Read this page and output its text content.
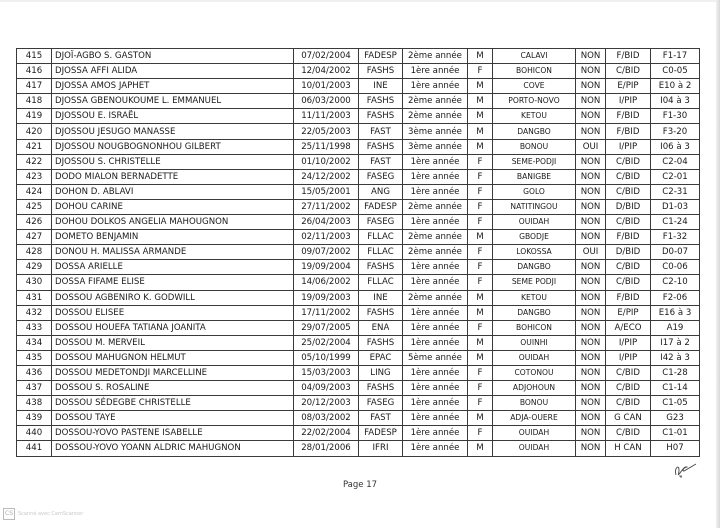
415	DJOÏ-AGBO S. GASTON	07/02/2004	FADESP	2ème année	M	CALAVI	NON	F/BID	F1-17
416	DJOSSA AFFI ALIDA	12/04/2002	FASHS	1ère année	F	BOHICON	NON	C/BID	C0-05
417	DJOSSA AMOS JAPHET	10/01/2003	INE	1ère année	M	COVE	NON	E/PIP	E10 à 2
418	DJOSSA GBENOUKOUME L. EMMANUEL	06/03/2000	FASHS	2ème année	M	PORTO-NOVO	NON	I/PIP	I04 à 3
419	DJOSSOU E. ISRAËL	11/11/2003	FASHS	2ème année	M	KETOU	NON	F/BID	F1-30
420	DJOSSOU JESUGO MANASSE	22/05/2003	FAST	3ème année	M	DANGBO	NON	F/BID	F3-20
421	DJOSSOU NOUGBOGNONHOU GILBERT	25/11/1998	FASHS	3ème année	M	BONOU	OUI	I/PIP	I06 à 3
422	DJOSSOU S. CHRISTELLE	01/10/2002	FAST	1ère année	F	SEME-PODJI	NON	C/BID	C2-04
423	DODO MIALON BERNADETTE	24/12/2002	FASEG	1ère année	F	BANIGBE	NON	C/BID	C2-01
424	DOHON D. ABLAVI	15/05/2001	ANG	1ère année	F	GOLO	NON	C/BID	C2-31
425	DOHOU CARINE	27/11/2002	FADESP	2ème année	F	NATITINGOU	NON	D/BID	D1-03
426	DOHOU DOLKOS ANGELIA MAHOUGNON	26/04/2003	FASEG	1ère année	F	OUIDAH	NON	C/BID	C1-24
427	DOMETO BENJAMIN	02/11/2003	FLLAC	2ème année	M	GBODJE	NON	F/BID	F1-32
428	DONOU H. MALISSA ARMANDE	09/07/2002	FLLAC	2ème année	F	LOKOSSA	OUI	D/BID	D0-07
429	DOSSA ARIELLE	19/09/2004	FASHS	1ère année	F	DANGBO	NON	C/BID	C0-06
430	DOSSA FIFAME ELISE	14/06/2002	FLLAC	1ère année	F	SEME PODJI	NON	C/BID	C2-10
431	DOSSOU AGBENIRO K. GODWILL	19/09/2003	INE	2ème année	M	KETOU	NON	F/BID	F2-06
432	DOSSOU ELISEE	17/11/2002	FASHS	1ère année	M	DANGBO	NON	E/PIP	E16 à 3
433	DOSSOU HOUEFA TATIANA JOANITA	29/07/2005	ENA	1ère année	F	BOHICON	NON	A/ECO	A19
434	DOSSOU M. MERVEIL	25/02/2004	FASHS	1ère année	M	OUINHI	NON	I/PIP	I17 à 2
435	DOSSOU MAHUGNON HELMUT	05/10/1999	EPAC	5ème année	M	OUIDAH	NON	I/PIP	I42 à 3
436	DOSSOU MEDETONDJI MARCELLINE	15/03/2003	LING	1ère année	F	COTONOU	NON	C/BID	C1-28
437	DOSSOU S. ROSALINE	04/09/2003	FASHS	1ère année	F	ADJOHOUN	NON	C/BID	C1-14
438	DOSSOU SÉDEGBE CHRISTELLE	20/12/2003	FASEG	1ère année	F	BONOU	NON	C/BID	C1-05
439	DOSSOU TAYE	08/03/2002	FAST	1ère année	M	ADJA-OUERE	NON	G CAN	G23
440	DOSSOU-YOVO PASTENE ISABELLE	22/02/2004	FADESP	1ère année	F	OUIDAH	NON	C/BID	C1-01
441	DOSSOU-YOVO YOANN ALDRIC MAHUGNON	28/01/2006	IFRI	1ère année	M	OUIDAH	NON	H CAN	H07
Page 17
CS	Scanné avec CamScanner
